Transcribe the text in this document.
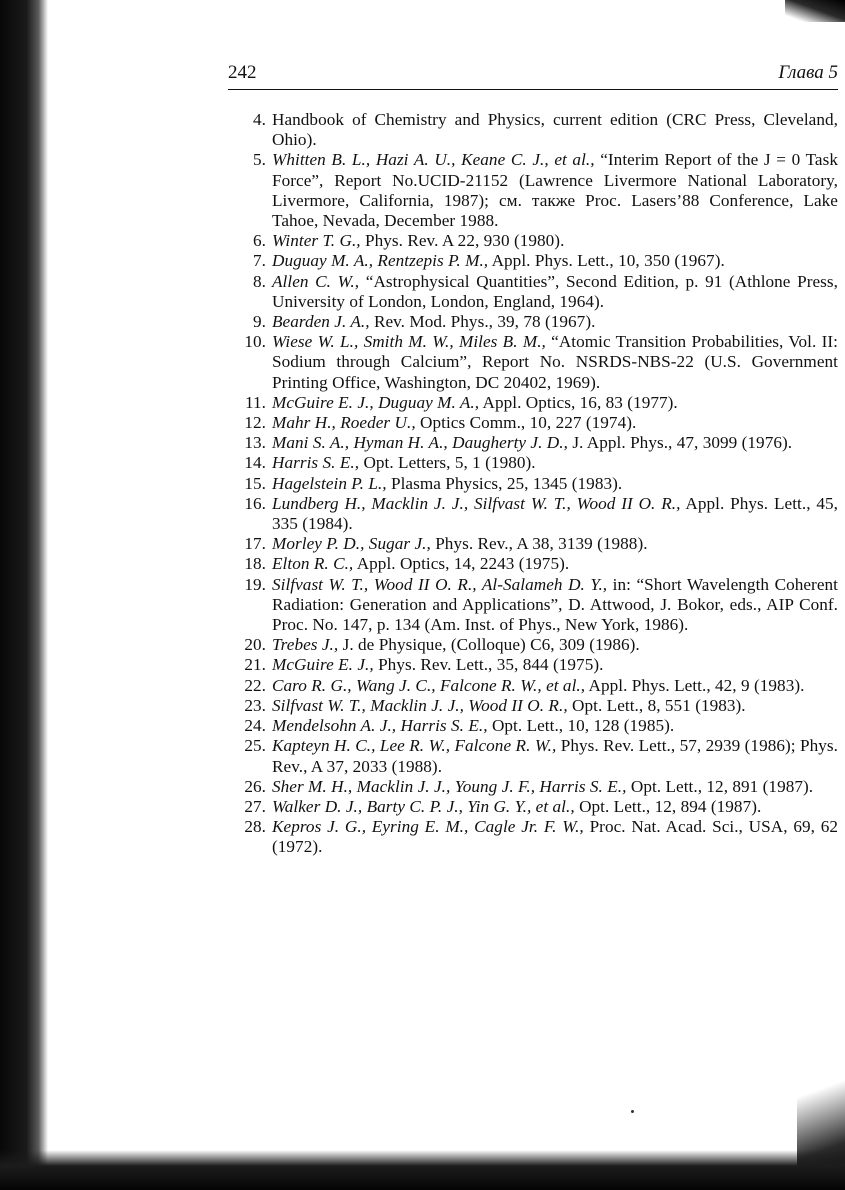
242	Глава 5
4. Handbook of Chemistry and Physics, current edition (CRC Press, Cleveland, Ohio).
5. Whitten B. L., Hazi A. U., Keane C. J., et al., “Interim Report of the J = 0 Task Force”, Report No.UCID-21152 (Lawrence Livermore National Laboratory, Livermore, California, 1987); см. также Proc. Lasers’88 Conference, Lake Tahoe, Nevada, December 1988.
6. Winter T. G., Phys. Rev. A 22, 930 (1980).
7. Duguay M. A., Rentzepis P. M., Appl. Phys. Lett., 10, 350 (1967).
8. Allen C. W., “Astrophysical Quantities”, Second Edition, p. 91 (Athlone Press, University of London, London, England, 1964).
9. Bearden J. A., Rev. Mod. Phys., 39, 78 (1967).
10. Wiese W. L., Smith M. W., Miles B. M., “Atomic Transition Probabilities, Vol. II: Sodium through Calcium”, Report No. NSRDS-NBS-22 (U.S. Government Printing Office, Washington, DC 20402, 1969).
11. McGuire E. J., Duguay M. A., Appl. Optics, 16, 83 (1977).
12. Mahr H., Roeder U., Optics Comm., 10, 227 (1974).
13. Mani S. A., Hyman H. A., Daugherty J. D., J. Appl. Phys., 47, 3099 (1976).
14. Harris S. E., Opt. Letters, 5, 1 (1980).
15. Hagelstein P. L., Plasma Physics, 25, 1345 (1983).
16. Lundberg H., Macklin J. J., Silfvast W. T., Wood II O. R., Appl. Phys. Lett., 45, 335 (1984).
17. Morley P. D., Sugar J., Phys. Rev., A 38, 3139 (1988).
18. Elton R. C., Appl. Optics, 14, 2243 (1975).
19. Silfvast W. T., Wood II O. R., Al-Salameh D. Y., in: “Short Wavelength Coherent Radiation: Generation and Applications”, D. Attwood, J. Bokor, eds., AIP Conf. Proc. No. 147, p. 134 (Am. Inst. of Phys., New York, 1986).
20. Trebes J., J. de Physique, (Colloque) C6, 309 (1986).
21. McGuire E. J., Phys. Rev. Lett., 35, 844 (1975).
22. Caro R. G., Wang J. C., Falcone R. W., et al., Appl. Phys. Lett., 42, 9 (1983).
23. Silfvast W. T., Macklin J. J., Wood II O. R., Opt. Lett., 8, 551 (1983).
24. Mendelsohn A. J., Harris S. E., Opt. Lett., 10, 128 (1985).
25. Kapteyn H. C., Lee R. W., Falcone R. W., Phys. Rev. Lett., 57, 2939 (1986); Phys. Rev., A 37, 2033 (1988).
26. Sher M. H., Macklin J. J., Young J. F., Harris S. E., Opt. Lett., 12, 891 (1987).
27. Walker D. J., Barty C. P. J., Yin G. Y., et al., Opt. Lett., 12, 894 (1987).
28. Kepros J. G., Eyring E. M., Cagle Jr. F. W., Proc. Nat. Acad. Sci., USA, 69, 62 (1972).
